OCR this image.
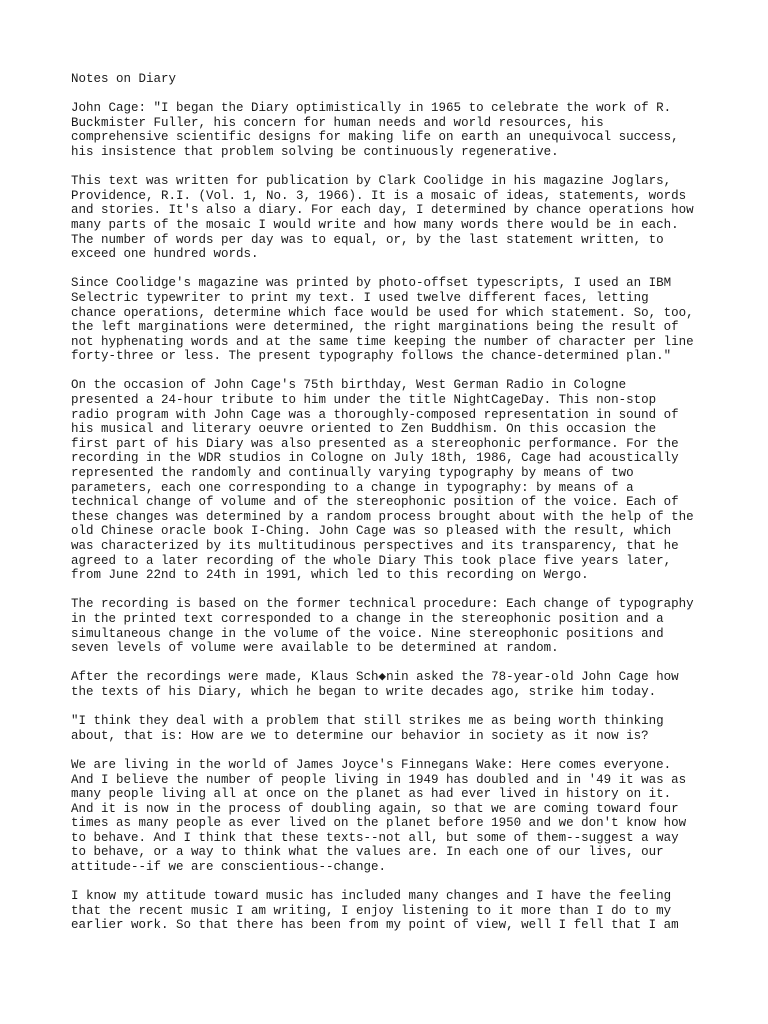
Notes on Diary

John Cage: "I began the Diary optimistically in 1965 to celebrate the work of R.
Buckmister Fuller, his concern for human needs and world resources, his
comprehensive scientific designs for making life on earth an unequivocal success,
his insistence that problem solving be continuously regenerative.

This text was written for publication by Clark Coolidge in his magazine Joglars,
Providence, R.I. (Vol. 1, No. 3, 1966). It is a mosaic of ideas, statements, words
and stories. It's also a diary. For each day, I determined by chance operations how
many parts of the mosaic I would write and how many words there would be in each.
The number of words per day was to equal, or, by the last statement written, to
exceed one hundred words.

Since Coolidge's magazine was printed by photo-offset typescripts, I used an IBM
Selectric typewriter to print my text. I used twelve different faces, letting
chance operations, determine which face would be used for which statement. So, too,
the left marginations were determined, the right marginations being the result of
not hyphenating words and at the same time keeping the number of character per line
forty-three or less. The present typography follows the chance-determined plan."

On the occasion of John Cage's 75th birthday, West German Radio in Cologne
presented a 24-hour tribute to him under the title NightCageDay. This non-stop
radio program with John Cage was a thoroughly-composed representation in sound of
his musical and literary oeuvre oriented to Zen Buddhism. On this occasion the
first part of his Diary was also presented as a stereophonic performance. For the
recording in the WDR studios in Cologne on July 18th, 1986, Cage had acoustically
represented the randomly and continually varying typography by means of two
parameters, each one corresponding to a change in typography: by means of a
technical change of volume and of the stereophonic position of the voice. Each of
these changes was determined by a random process brought about with the help of the
old Chinese oracle book I-Ching. John Cage was so pleased with the result, which
was characterized by its multitudinous perspectives and its transparency, that he
agreed to a later recording of the whole Diary This took place five years later,
from June 22nd to 24th in 1991, which led to this recording on Wergo.

The recording is based on the former technical procedure: Each change of typography
in the printed text corresponded to a change in the stereophonic position and a
simultaneous change in the volume of the voice. Nine stereophonic positions and
seven levels of volume were available to be determined at random.

After the recordings were made, Klaus Sch◆nin asked the 78-year-old John Cage how
the texts of his Diary, which he began to write decades ago, strike him today.

"I think they deal with a problem that still strikes me as being worth thinking
about, that is: How are we to determine our behavior in society as it now is?

We are living in the world of James Joyce's Finnegans Wake: Here comes everyone.
And I believe the number of people living in 1949 has doubled and in '49 it was as
many people living all at once on the planet as had ever lived in history on it.
And it is now in the process of doubling again, so that we are coming toward four
times as many people as ever lived on the planet before 1950 and we don't know how
to behave. And I think that these texts--not all, but some of them--suggest a way
to behave, or a way to think what the values are. In each one of our lives, our
attitude--if we are conscientious--change.

I know my attitude toward music has included many changes and I have the feeling
that the recent music I am writing, I enjoy listening to it more than I do to my
earlier work. So that there has been from my point of view, well I fell that I am
